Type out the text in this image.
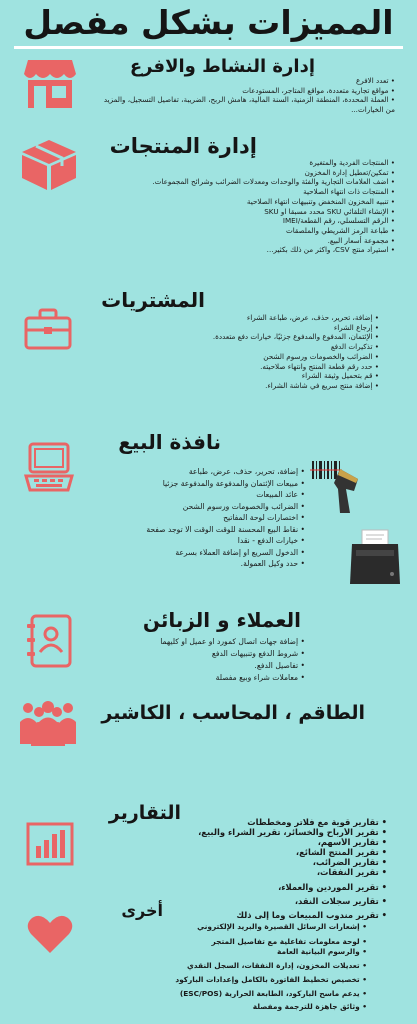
المميزات بشكل مفصل
إدارة النشاط والافرع
• تعدد الافرع
• مواقع تجارية متعددة، مواقع المتاجر، المستودعات
• العملة المحددة، المنطقة الزمنية، السنة المالية، هامش الربح، الضريبة، تفاصيل التسجيل، والمزيد من الخيارات...
إدارة المنتجات
• المنتجات الفردية والمتغيرة
• تمكين/تعطيل إدارة المخزون
• اضف العلامات التجارية والفئة والوحدات ومعدلات الضرائب وشرائح المجموعات.
• المنتجات ذات انتهاء الصلاحية
• تنبيه المخزون المنخفض وتنبيهات انتهاء الصلاحية
• الإنشاء التلقائي SKU محدد مسبقا او SKU
• الرقم التسلسلي، رقم القطعة/IMEI
• طباعة الرمز الشريطي والملصقات
• مجموعة أسعار البيع.
• استيراد منتج CSV، واكثر من ذلك بكثير...
المشتريات
• إضافة، تحرير، حذف، عرض، طباعة الشراء
• إرجاع الشراء
• الإئتمان، المدفوع والمدفوع جزئيًا، خيارات دفع متعددة.
• تذكيرات الدفع
• الضرائب والخصومات ورسوم الشحن
• حدد رقم قطعة المنتج وانتهاء صلاحيته.
• قم بتحميل وثيقة الشراء
• إضافة منتج سريع في شاشة الشراء.
نافذة البيع
• إضافة، تحرير، حذف، عرض، طباعة
• مبيعات الإئتمان والمدفوعة والمدفوعة جزئيا
• عائد المبيعات
• الضرائب والخصومات ورسوم الشحن
• اختصارات لوحة المفاتيح
• نقاط البيع المحسنة للوقت الوقت الا توجد صفحة
• خيارات الدفع - نقدا
• الدخول السريع او إضافة العملاء بسرعة
• حدد وكيل العمولة.
العملاء و الزبائن
• إضافة جهات اتصال كمورد او عميل او كليهما
• شروط الدفع وتنبيهات الدفع
• تفاصيل الدفع.
• معاملات شراء وبيع مفصلة
الطاقم ، المحاسب ، الكاشير
التقارير
•	تقارير قوية مع فلاتر ومخططات
• تقرير الأرباح والخسائر، تقرير الشراء والبيع،
• تقارير الأسهم،
• تقرير المنتج الشائع،
• تقارير الضرائب،
• تقرير النفقات،
• تقرير الموردين والعملاء،
• تقارير سجلات النقد،
• تقرير مندوب المبيعات وما إلى ذلك
أخرى
• إشعارات الرسائل القصيرة والبريد الإلكتروني
• لوحة معلومات تفاعلية مع تفاصيل المتجر
• والرسوم البيانية العامة
• تعديلات المخزون، إدارة النفقات، السجل النقدي
• تخصيص تخطيط الفاتورة بالكامل وإعدادات الباركود
• يدعم ماسح الباركود، الطابعة الحرارية (ESC/POS)
• وثائق جاهزة للترجمة ومفصلة
